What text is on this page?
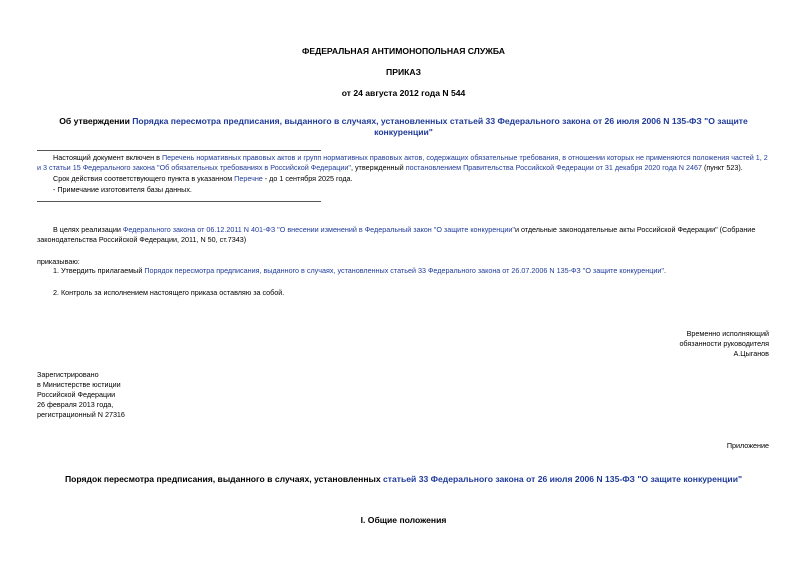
ФЕДЕРАЛЬНАЯ АНТИМОНОПОЛЬНАЯ СЛУЖБА
ПРИКАЗ
от 24 августа 2012 года N 544
Об утверждении Порядка пересмотра предписания, выданного в случаях, установленных статьей 33 Федерального закона от 26 июля 2006 N 135-ФЗ "О защите конкуренции"
Настоящий документ включен в Перечень нормативных правовых актов и групп нормативных правовых актов, содержащих обязательные требования, в отношении которых не применяются положения частей 1, 2 и 3 статьи 15 Федерального закона "Об обязательных требованиях в Российской Федерации", утвержденный постановлением Правительства Российской Федерации от 31 декабря 2020 года N 2467 (пункт 523).
Срок действия соответствующего пункта в указанном Перечне - до 1 сентября 2025 года.
- Примечание изготовителя базы данных.
В целях реализации Федерального закона от 06.12.2011 N 401-ФЗ "О внесении изменений в Федеральный закон "О защите конкуренции"и отдельные законодательные акты Российской Федерации" (Собрание законодательства Российской Федерации, 2011, N 50, ст.7343)
приказываю:
1. Утвердить прилагаемый Порядок пересмотра предписания, выданного в случаях, установленных статьей 33 Федерального закона от 26.07.2006 N 135-ФЗ "О защите конкуренции".
2. Контроль за исполнением настоящего приказа оставляю за собой.
Временно исполняющий
обязанности руководителя
А.Цыганов
Зарегистрировано
в Министерстве юстиции
Российской Федерации
26 февраля 2013 года,
регистрационный N 27316
Приложение
Порядок пересмотра предписания, выданного в случаях, установленных статьей 33 Федерального закона от 26 июля 2006 N 135-ФЗ "О защите конкуренции"
I. Общие положения
